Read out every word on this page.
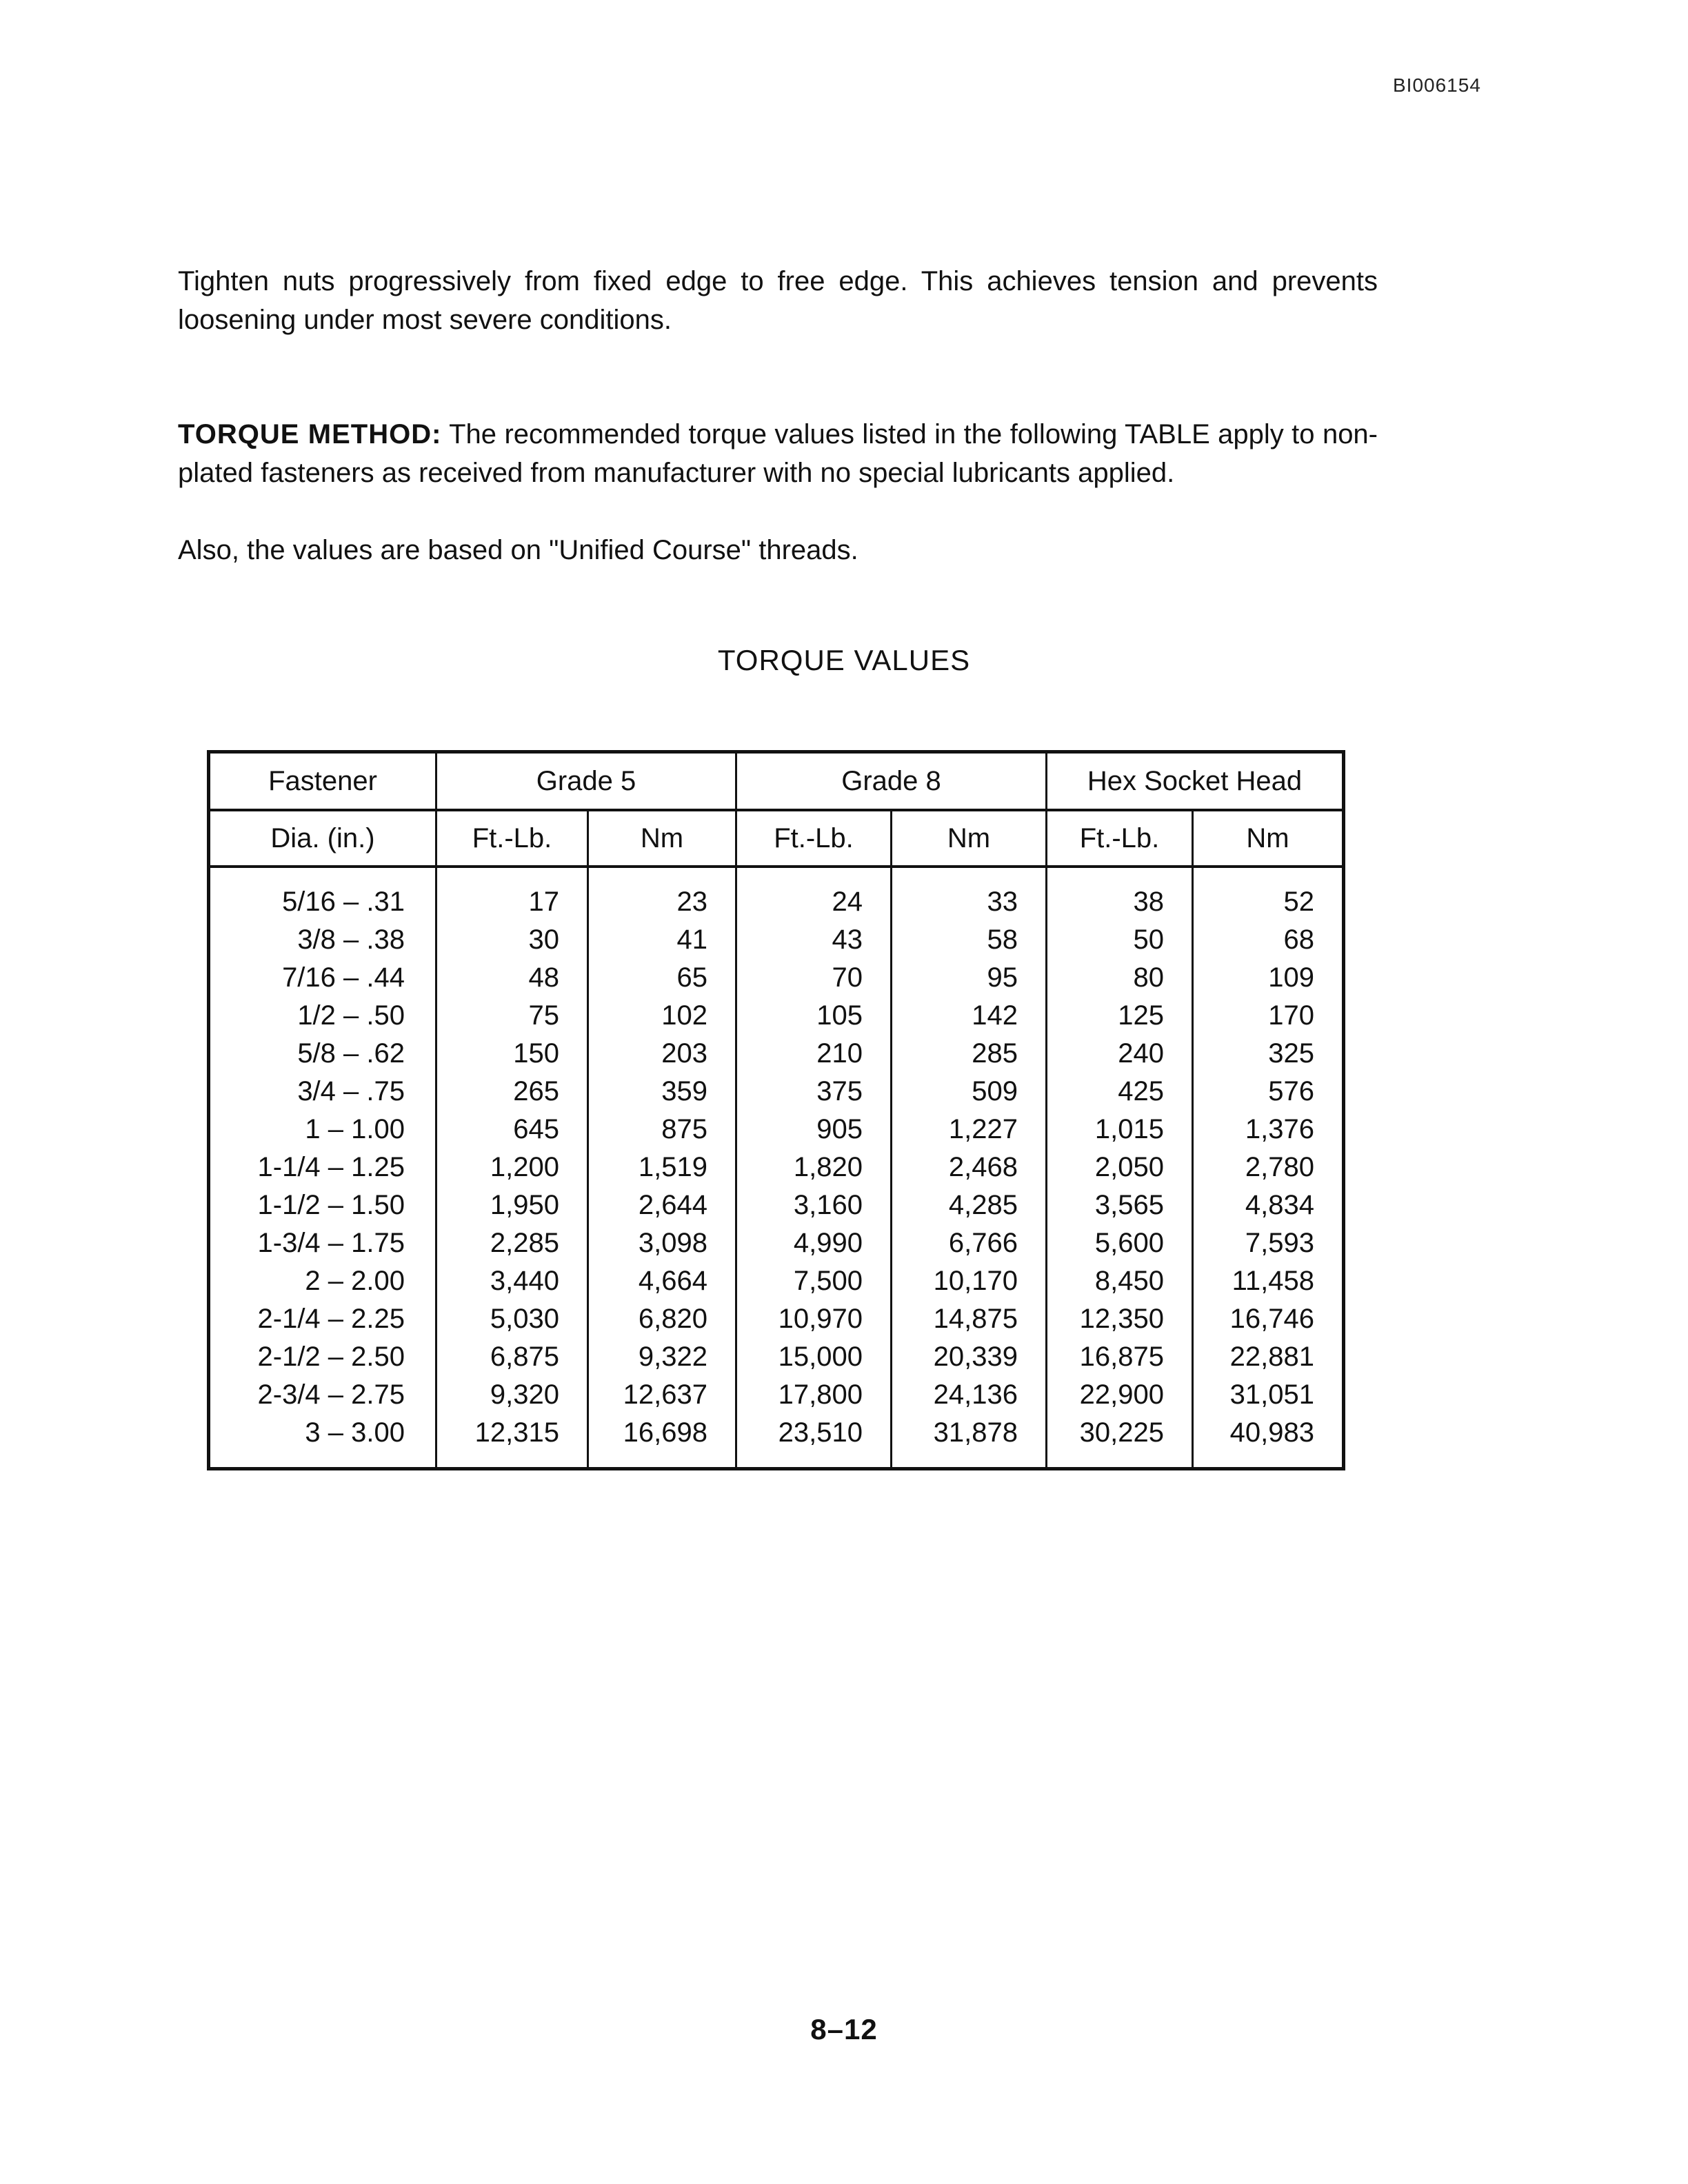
BI006154

Tighten nuts progressively from fixed edge to free edge. This achieves tension and prevents loosening under most severe conditions.

TORQUE METHOD: The recommended torque values listed in the following TABLE apply to non-plated fasteners as received from manufacturer with no special lubricants applied.

Also, the values are based on "Unified Course" threads.

TORQUE VALUES
Fastener	Grade 5		Grade 8		Hex Socket Head	
Dia. (in.)	Ft.-Lb.	Nm	Ft.-Lb.	Nm	Ft.-Lb.	Nm
5/16 – .31	17	23	24	33	38	52
3/8 – .38	30	41	43	58	50	68
7/16 – .44	48	65	70	95	80	109
1/2 – .50	75	102	105	142	125	170
5/8 – .62	150	203	210	285	240	325
3/4 – .75	265	359	375	509	425	576
1 – 1.00	645	875	905	1,227	1,015	1,376
1-1/4 – 1.25	1,200	1,519	1,820	2,468	2,050	2,780
1-1/2 – 1.50	1,950	2,644	3,160	4,285	3,565	4,834
1-3/4 – 1.75	2,285	3,098	4,990	6,766	5,600	7,593
2 – 2.00	3,440	4,664	7,500	10,170	8,450	11,458
2-1/4 – 2.25	5,030	6,820	10,970	14,875	12,350	16,746
2-1/2 – 2.50	6,875	9,322	15,000	20,339	16,875	22,881
2-3/4 – 2.75	9,320	12,637	17,800	24,136	22,900	31,051
3 – 3.00	12,315	16,698	23,510	31,878	30,225	40,983
8–12
